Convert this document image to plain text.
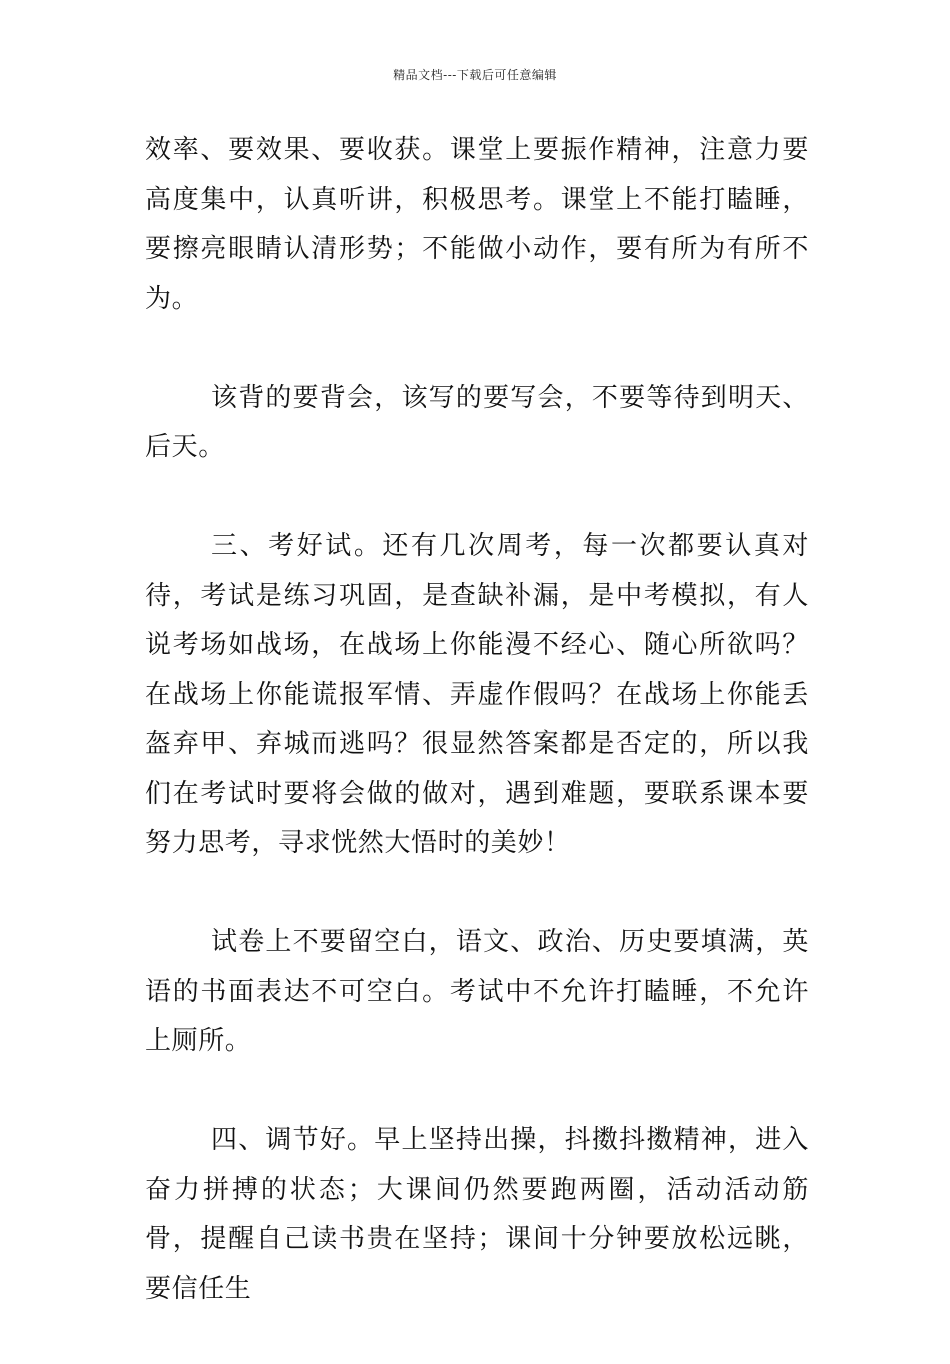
精品文档---下载后可任意编辑

效率、要效果、要收获。课堂上要振作精神，注意力要高度集中，认真听讲，积极思考。课堂上不能打瞌睡，要擦亮眼睛认清形势；不能做小动作，要有所为有所不为。

该背的要背会，该写的要写会，不要等待到明天、后天。

三、考好试。还有几次周考，每一次都要认真对待，考试是练习巩固，是查缺补漏，是中考模拟，有人说考场如战场，在战场上你能漫不经心、随心所欲吗？在战场上你能谎报军情、弄虚作假吗？在战场上你能丢盔弃甲、弃城而逃吗？很显然答案都是否定的，所以我们在考试时要将会做的做对，遇到难题，要联系课本要努力思考，寻求恍然大悟时的美妙！

试卷上不要留空白，语文、政治、历史要填满，英语的书面表达不可空白。考试中不允许打瞌睡，不允许上厕所。

四、调节好。早上坚持出操，抖擞抖擞精神，进入奋力拼搏的状态；大课间仍然要跑两圈，活动活动筋骨，提醒自己读书贵在坚持；课间十分钟要放松远眺，要信任生
